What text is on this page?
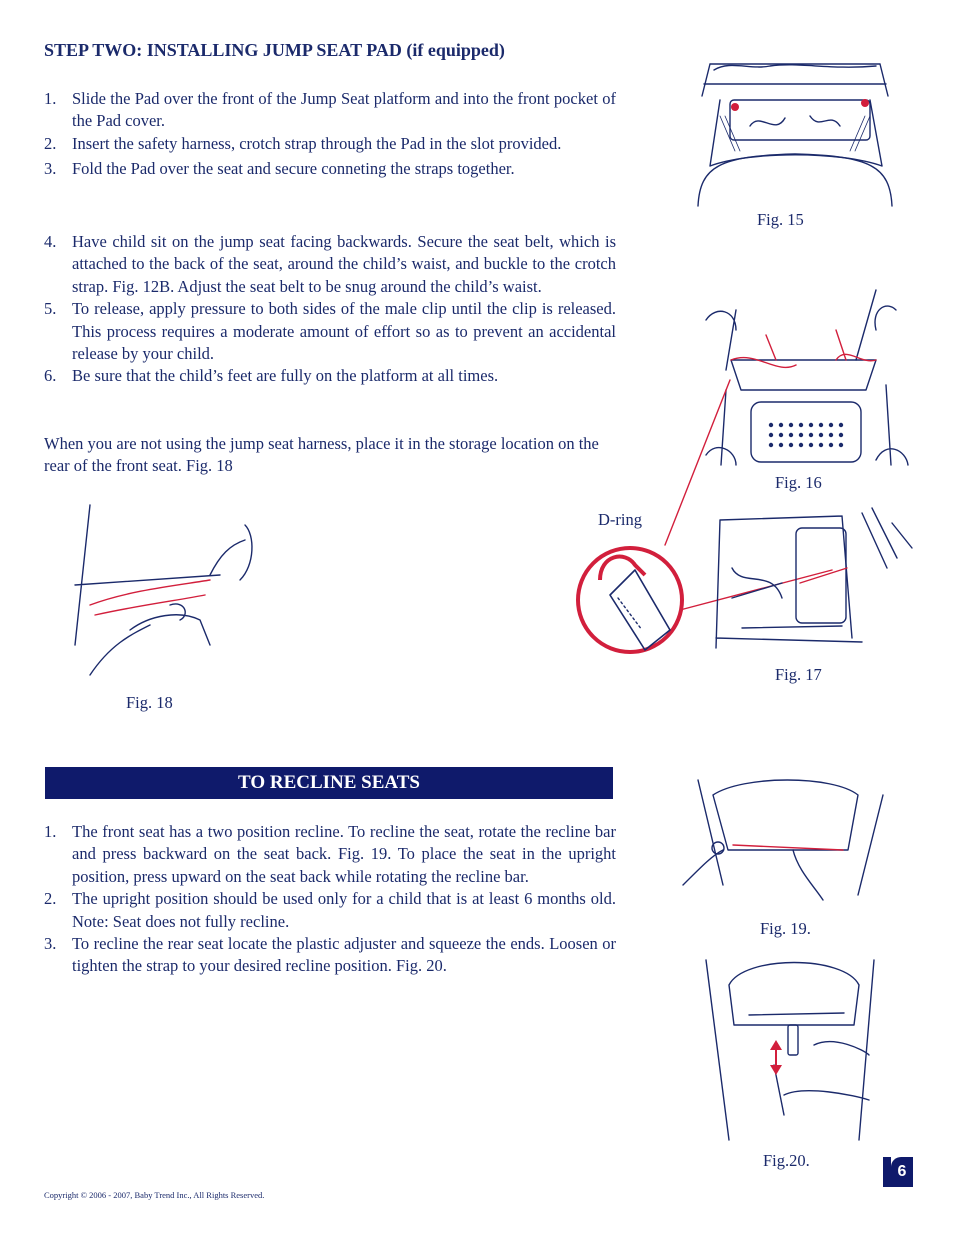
STEP TWO: INSTALLING JUMP SEAT PAD (if equipped)
1. Slide the Pad over the front of the Jump Seat platform and into the front pocket of the Pad cover.
2. Insert the safety harness, crotch strap through the Pad in the slot provided.
3. Fold the Pad over the seat and secure conneting the straps together.
4. Have child sit on the jump seat facing backwards. Secure the seat belt, which is attached to the back of the seat, around the child’s waist, and buckle to the crotch strap. Fig. 12B. Adjust the seat belt to be snug around the child’s waist.
5. To release, apply pressure to both sides of the male clip until the clip is released. This process requires a moderate amount of effort so as to prevent an accidental release by your child.
6. Be sure that the child’s feet are fully on the platform at all times.

When you are not using the jump seat harness, place it in the storage location on the rear of the front seat. Fig. 18

Fig. 15
Fig. 16
D-ring
Fig. 17
Fig. 18
TO RECLINE SEATS
1. The front seat has a two position recline. To recline the seat, rotate the recline bar and press backward on the seat back. Fig. 19. To place the seat in the upright position, press upward on the seat back while rotating the recline bar.
2. The upright position should be used only for a child that is at least 6 months old. Note: Seat does not fully recline.
3. To recline the rear seat locate the plastic adjuster and squeeze the ends. Loosen or tighten the strap to your desired recline position. Fig. 20.
Fig. 19.
Fig.20.
Copyright © 2006 - 2007, Baby Trend Inc., All Rights Reserved.
6
